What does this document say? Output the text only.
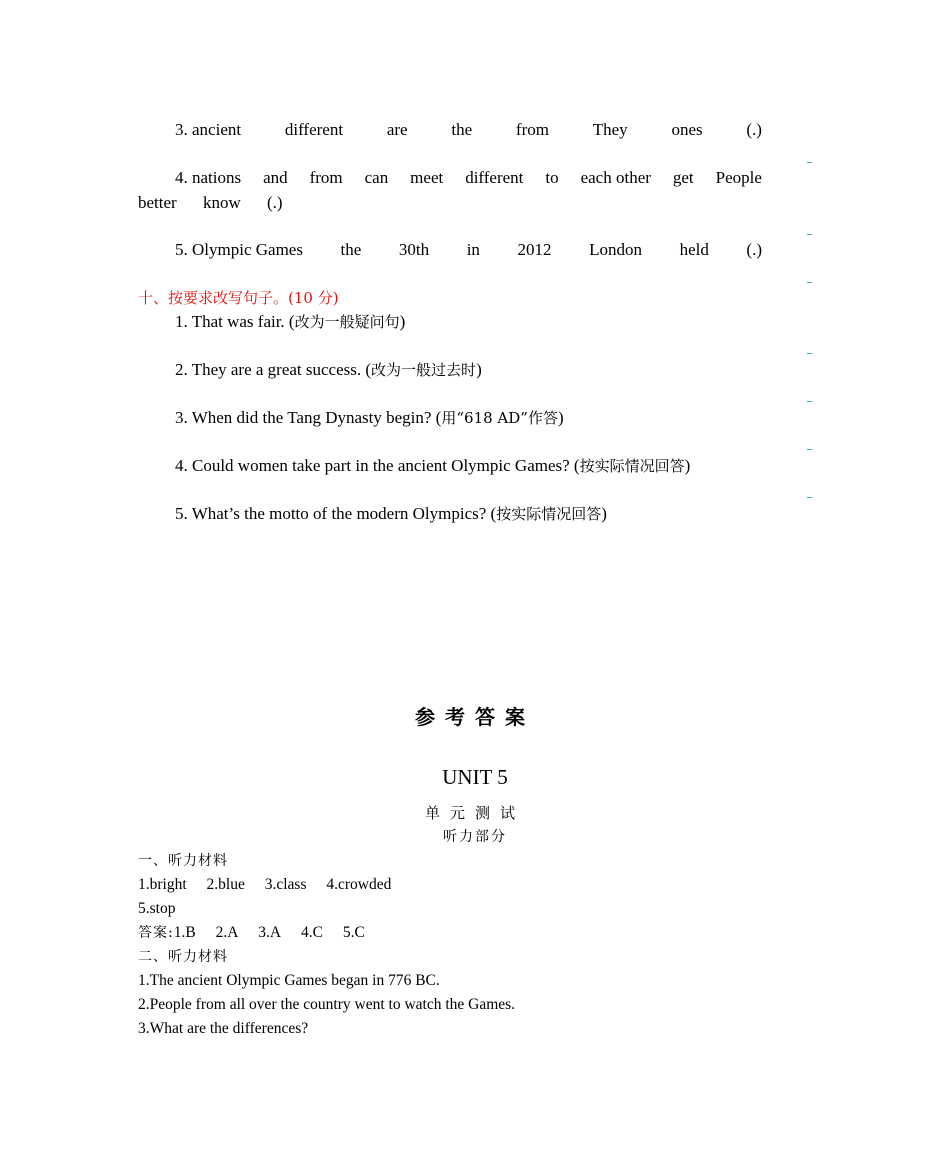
3. ancient	different	are	the	from	They	ones	(.)
4. nations and from can meet different to each other get People
better know (.)
5. Olympic Games the 30th in 2012 London held (.)
十、按要求改写句子。(10 分)
1. That was fair. (改为一般疑问句)
2. They are a great success. (改为一般过去时)
3. When did the Tang Dynasty begin? (用“618 AD”作答)
4. Could women take part in the ancient Olympic Games? (按实际情况回答)
5. What’s the motto of the modern Olympics? (按实际情况回答)
参考答案
UNIT 5
单元测试
听力部分
一、听力材料
1.bright 2.blue 3.class 4.crowded
5.stop
答案:1.B 2.A 3.A 4.C 5.C
二、听力材料
1.The ancient Olympic Games began in 776 BC.
2.People from all over the country went to watch the Games.
3.What are the differences?
